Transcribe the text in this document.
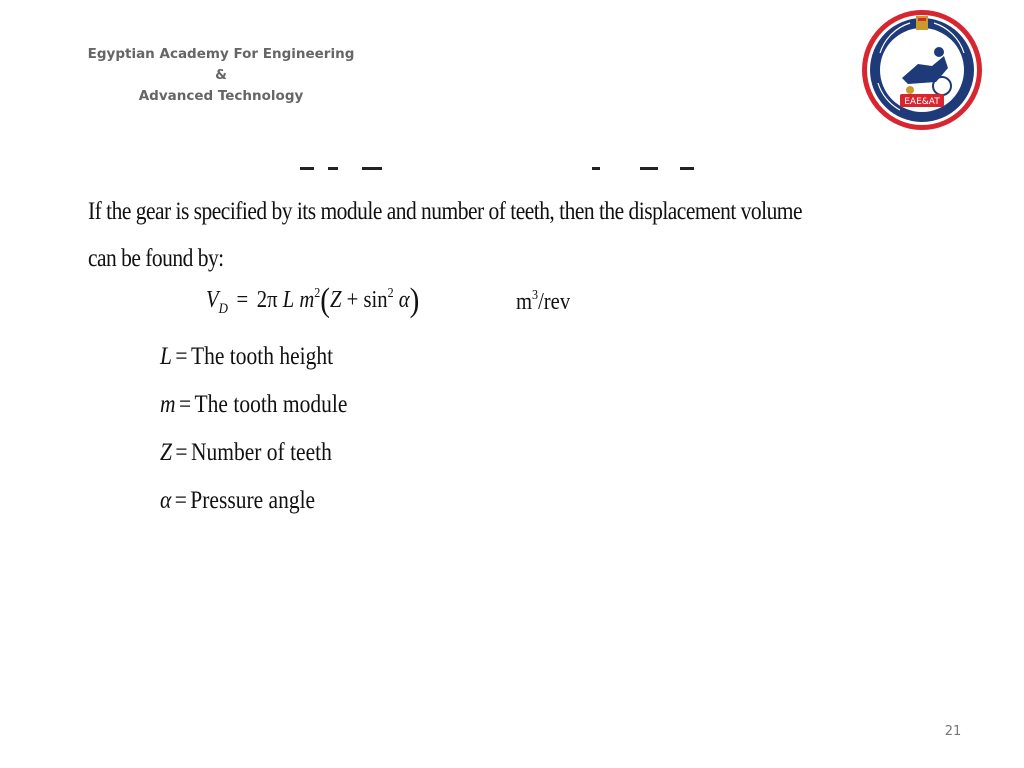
Egyptian Academy For Engineering &
Advanced Technology	EAE&AT
If the gear is specified by its module and number of teeth, then the displacement volume can be found by:
$V_D = 2\pi$ L $m^2(Z + \sin^2 \alpha)$	$m^3$/rev
L = The tooth height
m = The tooth module
Z = Number of teeth
α = Pressure angle
21
